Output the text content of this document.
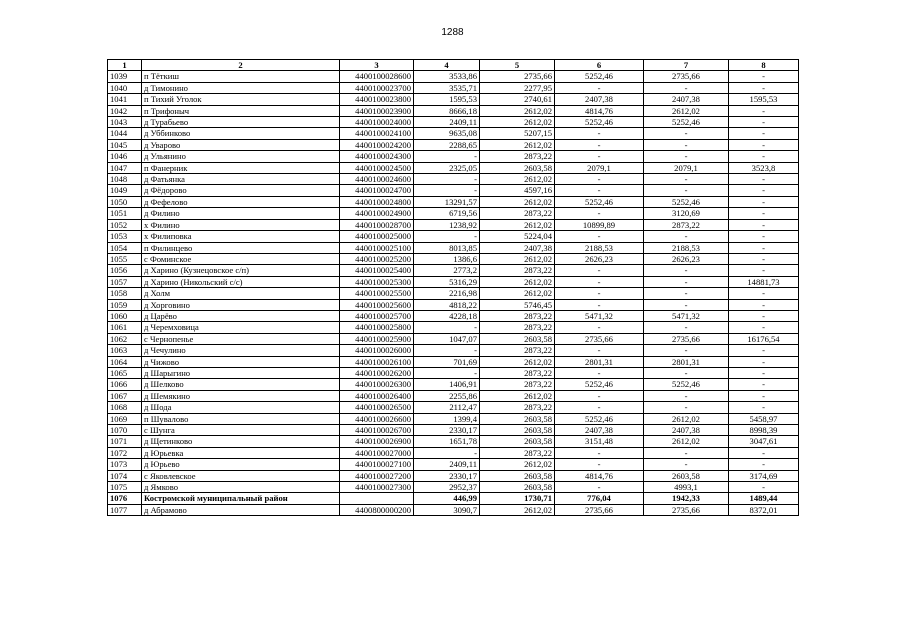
1288
1	2	3	4	5	6	7	8
1039	п Тёткиш	4400100028600	3533,86	2735,66	5252,46	2735,66	-
1040	д Тимонино	4400100023700	3535,71	2277,95	-	-	-
1041	п Тихий Уголок	4400100023800	1595,53	2740,61	2407,38	2407,38	1595,53
1042	п Трифоныч	4400100023900	8666,18	2612,02	4814,76	2612,02	-
1043	д Турабьево	4400100024000	2409,11	2612,02	5252,46	5252,46	-
1044	д Уббинково	4400100024100	9635,08	5207,15	-	-	-
1045	д Уварово	4400100024200	2288,65	2612,02	-	-	-
1046	д Ульянино	4400100024300	-	2873,22	-	-	-
1047	п Фанерник	4400100024500	2325,05	2603,58	2079,1	2079,1	3523,8
1048	д Фатьянка	4400100024600	-	2612,02	-	-	-
1049	д Фёдорово	4400100024700	-	4597,16	-	-	-
1050	д Фефелово	4400100024800	13291,57	2612,02	5252,46	5252,46	-
1051	д Филино	4400100024900	6719,56	2873,22	-	3120,69	-
1052	х Филино	4400100028700	1238,92	2612,02	10899,89	2873,22	-
1053	х Филиповка	4400100025000	-	5224,04	-	-	-
1054	п Филинцево	4400100025100	8013,85	2407,38	2188,53	2188,53	-
1055	с Фоминское	4400100025200	1386,6	2612,02	2626,23	2626,23	-
1056	д Харино (Кузнецовское с/п)	4400100025400	2773,2	2873,22	-	-	-
1057	д Харино (Никольский с/с)	4400100025300	5316,29	2612,02	-	-	14881,73
1058	д Холм	4400100025500	2216,98	2612,02	-	-	-
1059	д Хорговино	4400100025600	4818,22	5746,45	-	-	-
1060	д Царёво	4400100025700	4228,18	2873,22	5471,32	5471,32	-
1061	д Черемховица	4400100025800	-	2873,22	-	-	-
1062	с Чернопенье	4400100025900	1047,07	2603,58	2735,66	2735,66	16176,54
1063	д Чечулино	4400100026000	-	2873,22	-	-	-
1064	д Чижово	4400100026100	701,69	2612,02	2801,31	2801,31	-
1065	д Шарыгино	4400100026200	-	2873,22	-	-	-
1066	д Шелково	4400100026300	1406,91	2873,22	5252,46	5252,46	-
1067	д Шемякино	4400100026400	2255,86	2612,02	-	-	-
1068	д Шода	4400100026500	2112,47	2873,22	-	-	-
1069	п Шувалово	4400100026600	1399,4	2603,58	5252,46	2612,02	5458,97
1070	с Шунга	4400100026700	2330,17	2603,58	2407,38	2407,38	8998,39
1071	д Щетинково	4400100026900	1651,78	2603,58	3151,48	2612,02	3047,61
1072	д Юрьевка	4400100027000	-	2873,22	-	-	-
1073	д Юрьево	4400100027100	2409,11	2612,02	-	-	-
1074	с Яковлевское	4400100027200	2330,17	2603,58	4814,76	2603,58	3174,69
1075	д Ямково	4400100027300	2952,37	2603,58	-	4993,1	-
1076	Костромской муниципальный район		446,99	1730,71	776,04	1942,33	1489,44
1077	д Абрамово	4400800000200	3090,7	2612,02	2735,66	2735,66	8372,01
